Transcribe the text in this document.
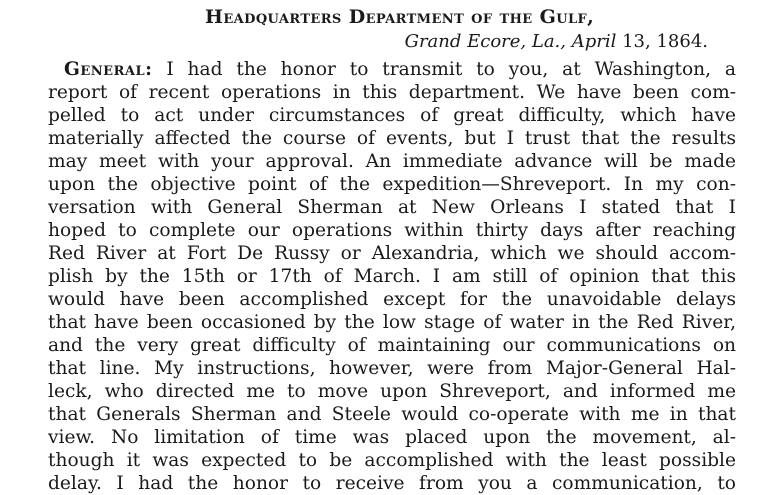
Headquarters Department of the Gulf,
Grand Ecore, La., April 13, 1864.
General: I had the honor to transmit to you, at Washington, a
report of recent operations in this department. We have been com-
pelled to act under circumstances of great difficulty, which have
materially affected the course of events, but I trust that the results
may meet with your approval. An immediate advance will be made
upon the objective point of the expedition—Shreveport. In my con-
versation with General Sherman at New Orleans I stated that I
hoped to complete our operations within thirty days after reaching
Red River at Fort De Russy or Alexandria, which we should accom-
plish by the 15th or 17th of March. I am still of opinion that this
would have been accomplished except for the unavoidable delays
that have been occasioned by the low stage of water in the Red River,
and the very great difficulty of maintaining our communications on
that line. My instructions, however, were from Major-General Hal-
leck, who directed me to move upon Shreveport, and informed me
that Generals Sherman and Steele would co-operate with me in that
view. No limitation of time was placed upon the movement, al-
though it was expected to be accomplished with the least possible
delay. I had the honor to receive from you a communication, to
